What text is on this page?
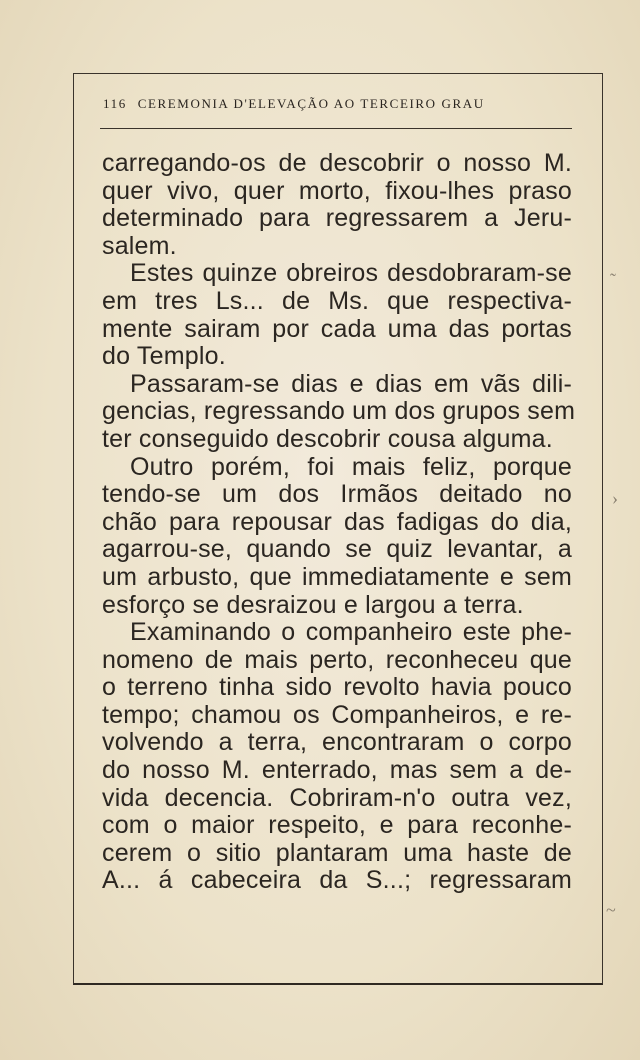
116 CEREMONIA D'ELEVAÇÃO AO TERCEIRO GRAU
carregando-os de descobrir o nosso M.
quer vivo, quer morto, fixou-lhes praso
determinado para regressarem a Jeru-
salem.
Estes quinze obreiros desdobraram-se
em tres Ls... de Ms. que respectiva-
mente sairam por cada uma das portas
do Templo.
Passaram-se dias e dias em vãs dili-
gencias, regressando um dos grupos sem
ter conseguido descobrir cousa alguma.
Outro porém, foi mais feliz, porque
tendo-se um dos Irmãos deitado no
chão para repousar das fadigas do dia,
agarrou-se, quando se quiz levantar, a
um arbusto, que immediatamente e sem
esforço se desraizou e largou a terra.
Examinando o companheiro este phe-
nomeno de mais perto, reconheceu que
o terreno tinha sido revolto havia pouco
tempo; chamou os Companheiros, e re-
volvendo a terra, encontraram o corpo
do nosso M. enterrado, mas sem a de-
vida decencia. Cobriram-n'o outra vez,
com o maior respeito, e para reconhe-
cerem o sitio plantaram uma haste de
A... á cabeceira da S...; regressaram
˜
›
~
